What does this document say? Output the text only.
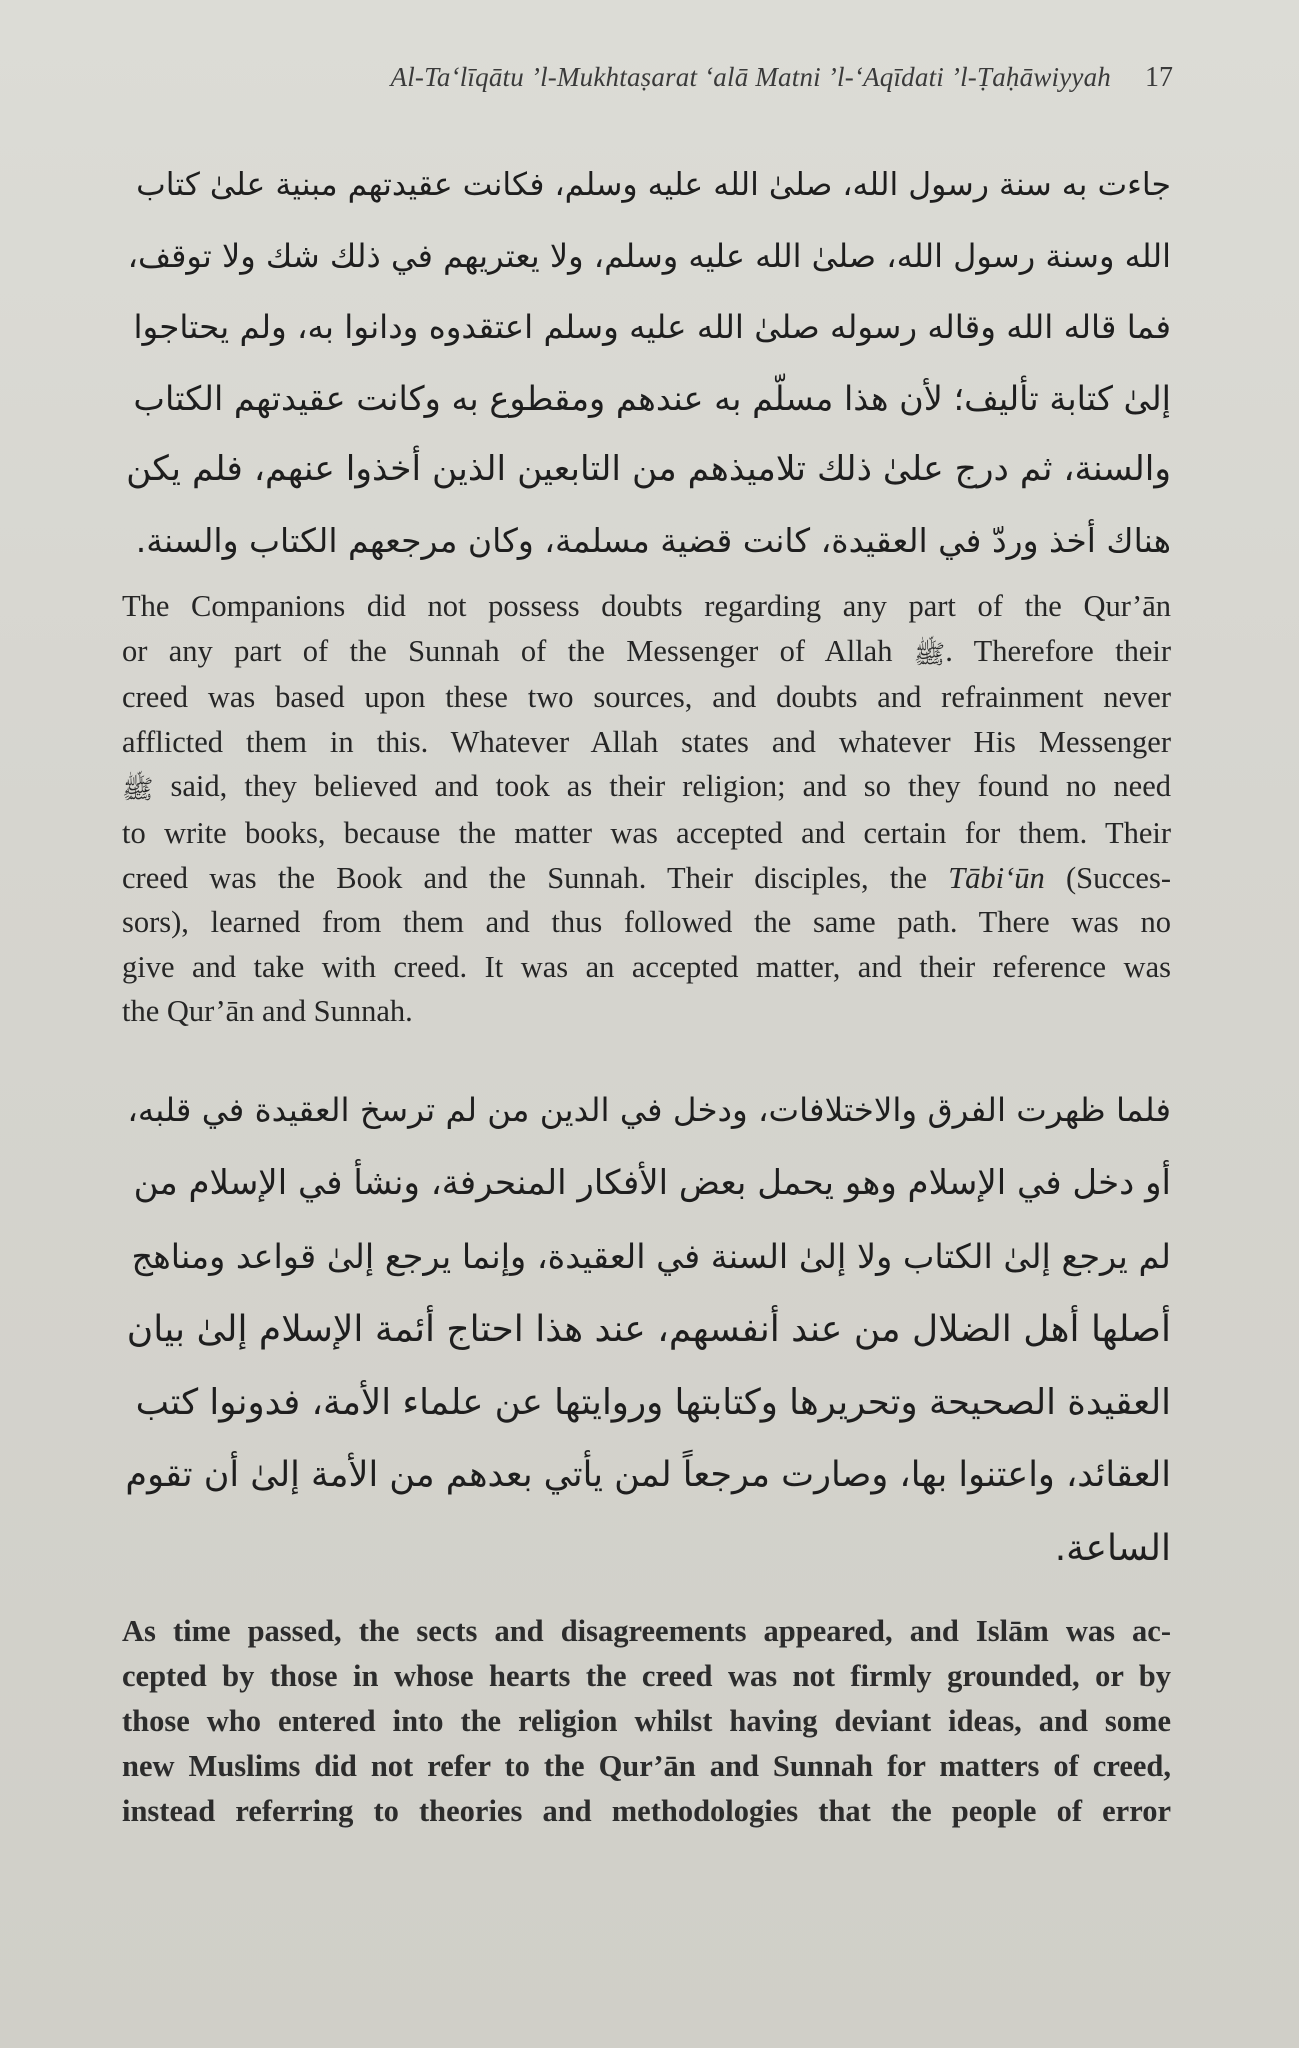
Al-Ta‘līqātu ’l-Mukhtaṣarat ‘alā Matni ’l-‘Aqīdati ’l-Ṭaḥāwiyyah 17
جاءت به سنة رسول الله، صلىٰ الله عليه وسلم، فكانت عقيدتهم مبنية علىٰ كتاب
الله وسنة رسول الله، صلىٰ الله عليه وسلم، ولا يعتريهم في ذلك شك ولا توقف،
فما قاله الله وقاله رسوله صلىٰ الله عليه وسلم اعتقدوه ودانوا به، ولم يحتاجوا
إلىٰ كتابة تأليف؛ لأن هذا مسلّم به عندهم ومقطوع به وكانت عقيدتهم الكتاب
والسنة، ثم درج علىٰ ذلك تلاميذهم من التابعين الذين أخذوا عنهم، فلم يكن
هناك أخذ وردّ في العقيدة، كانت قضية مسلمة، وكان مرجعهم الكتاب والسنة.
The Companions did not possess doubts regarding any part of the Qur’ān
or any part of the Sunnah of the Messenger of Allah ﷺ. Therefore their
creed was based upon these two sources, and doubts and refrainment never
afflicted them in this. Whatever Allah states and whatever His Messenger
ﷺ said, they believed and took as their religion; and so they found no need
to write books, because the matter was accepted and certain for them. Their
creed was the Book and the Sunnah. Their disciples, the Tābi‘ūn (Succes-
sors), learned from them and thus followed the same path. There was no
give and take with creed. It was an accepted matter, and their reference was
the Qur’ān and Sunnah.
فلما ظهرت الفرق والاختلافات، ودخل في الدين من لم ترسخ العقيدة في قلبه،
أو دخل في الإسلام وهو يحمل بعض الأفكار المنحرفة، ونشأ في الإسلام من
لم يرجع إلىٰ الكتاب ولا إلىٰ السنة في العقيدة، وإنما يرجع إلىٰ قواعد ومناهج
أصلها أهل الضلال من عند أنفسهم، عند هذا احتاج أئمة الإسلام إلىٰ بيان
العقيدة الصحيحة وتحريرها وكتابتها وروايتها عن علماء الأمة، فدونوا كتب
العقائد، واعتنوا بها، وصارت مرجعاً لمن يأتي بعدهم من الأمة إلىٰ أن تقوم
الساعة.
As time passed, the sects and disagreements appeared, and Islām was ac-
cepted by those in whose hearts the creed was not firmly grounded, or by
those who entered into the religion whilst having deviant ideas, and some
new Muslims did not refer to the Qur’ān and Sunnah for matters of creed,
instead referring to theories and methodologies that the people of error
